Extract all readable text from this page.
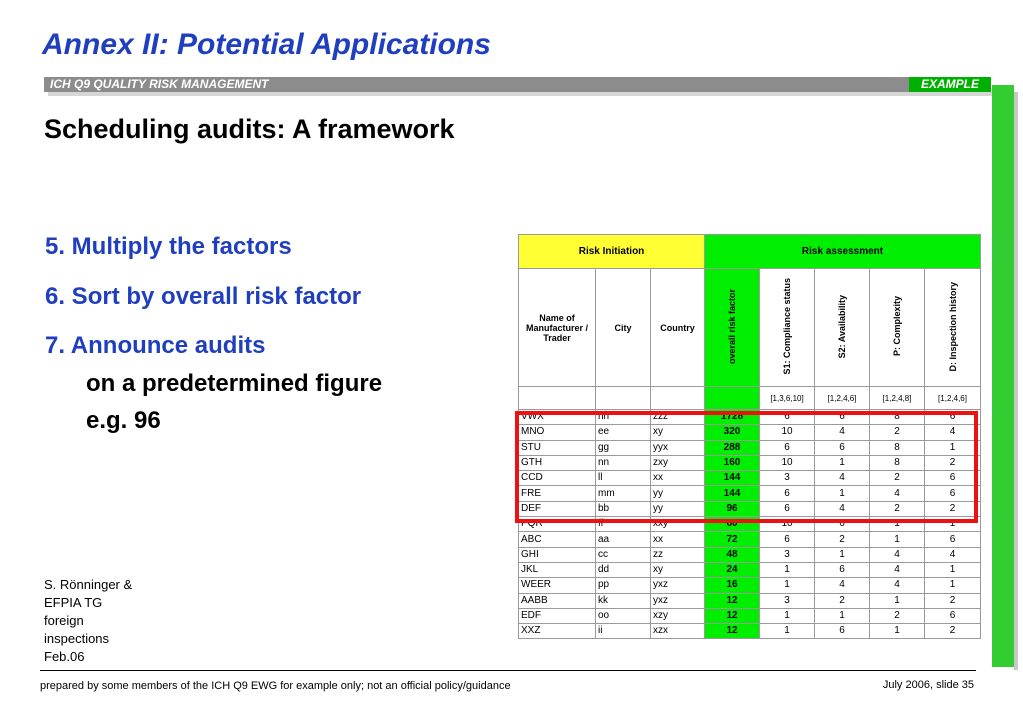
Annex II: Potential Applications
ICH Q9 QUALITY RISK MANAGEMENT	EXAMPLE
Scheduling audits: A framework
5. Multiply the factors
6. Sort by overall risk factor
7. Announce audits
on a predetermined figure
e.g. 96
S. Rönninger &
EFPIA TG
foreign
inspections
Feb.06
Risk Initiation			Risk assessment				
Name of Manufacturer / Trader	City	Country	overall risk factor	S1: Compliance status	S2: Availability	P: Complexity	D: Inspection history
				[1,3,6,10]	[1,2,4,6]	[1,2,4,8]	[1,2,4,6]
VWX	hh	zzz	1728	6	6	8	6
MNO	ee	xy	320	10	4	2	4
STU	gg	yyx	288	6	6	8	1
GTH	nn	zxy	160	10	1	8	2
CCD	ll	xx	144	3	4	2	6
FRE	mm	yy	144	6	1	4	6
DEF	bb	yy	96	6	4	2	2
PQR	ff	xxy	60	10	6	1	1
ABC	aa	xx	72	6	2	1	6
GHI	cc	zz	48	3	1	4	4
JKL	dd	xy	24	1	6	4	1
WEER	pp	yxz	16	1	4	4	1
AABB	kk	yxz	12	3	2	1	2
EDF	oo	xzy	12	1	1	2	6
XXZ	ii	xzx	12	1	6	1	2
prepared by some members of the ICH Q9 EWG for example only; not an official policy/guidance	July 2006, slide 35
